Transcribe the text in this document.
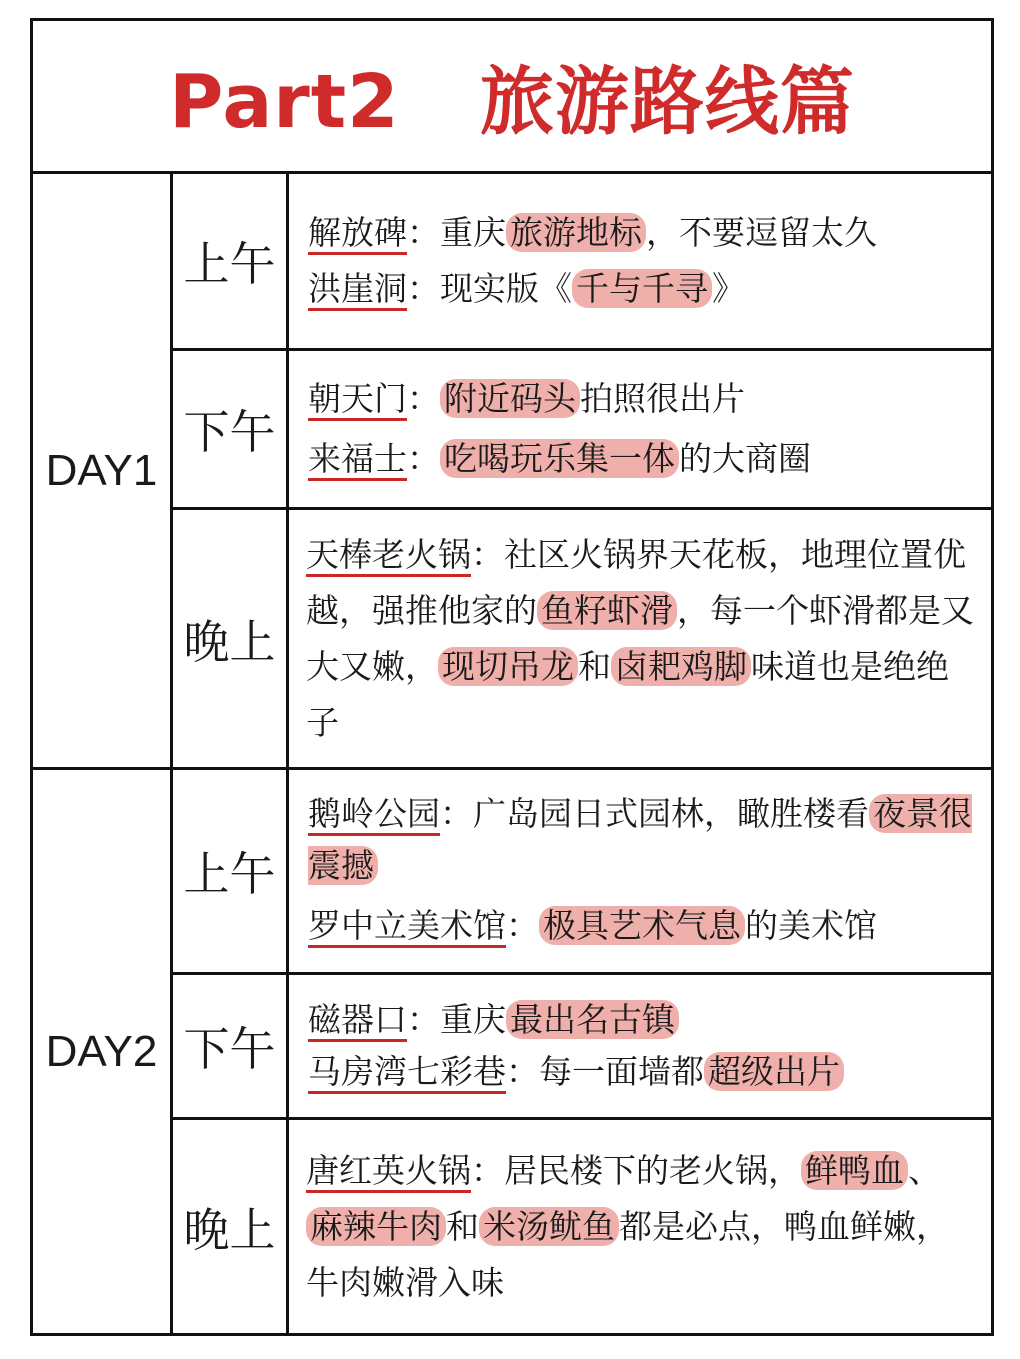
Part2   旅游路线篇
DAY1
DAY2
上午
下午
晚上
上午
下午
晚上
解放碑：重庆 旅游地标 ，不要逗留太久
洪崖洞：现实版《 千与千寻 》
朝天门： 附近码头 拍照很出片
来福士： 吃喝玩乐集一体 的大商圈
天棒老火锅：社区火锅界天花板，地理位置优越，强推他家的 鱼籽虾滑 ，每一个虾滑都是又大又嫩， 现切吊龙 和 卤耙鸡脚 味道也是绝绝子
鹅岭公园：广岛园日式园林，瞰胜楼看 夜景很震撼
罗中立美术馆： 极具艺术气息 的美术馆
磁器口：重庆 最出名古镇
马房湾七彩巷：每一面墙都 超级出片
唐红英火锅：居民楼下的老火锅， 鲜鸭血 、麻辣牛肉 和 米汤鱿鱼 都是必点，鸭血鲜嫩，牛肉嫩滑入味
